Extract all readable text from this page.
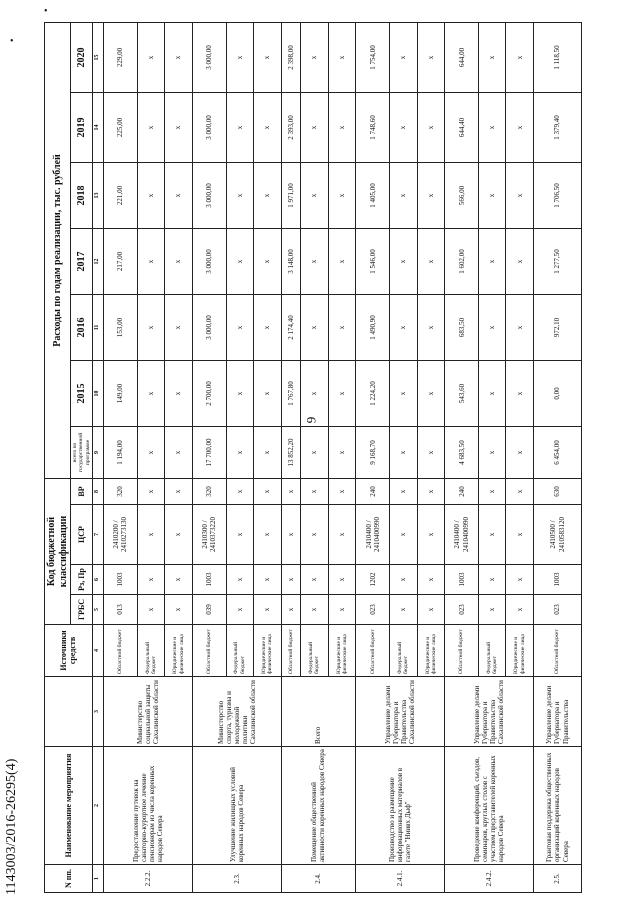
•
•
9
1143003/2016-26295(4)	N пп.	Наименование мероприятия		Источники средств	Код бюджетной классификации				Расходы по годам реализации, тыс. рублей						
				ГРБС	Рз, Пр	ЦСР	ВР	всего по государственной программе	2015	2016	2017	2018	2019	2020
1	2	3	4	5	6	7	8	9	10	11	12	13	14	15
2.2.2.	Предоставление путевок на санаторно-курортное лечение пенсионерам из числа коренных народов Севера	Министерство социальной защиты Сахалинской области	Областной бюджет	013	1003	2410200 / 2410273130	320	1 194,00	149,00	153,00	217,00	221,00	225,00	229,00
			Федеральный бюджет	x	x	x	x	x	x	x	x	x	x	x
			Юридические и физические лица	x	x	x	x	x	x	x	x	x	x	x
2.3.	Улучшение жилищных условий коренных народов Севера	Министерство спорта, туризма и молодежной политики Сахалинской области	Областной бюджет	039	1003	2410300 / 2410373220	320	17 700,00	2 700,00	3 000,00	3 000,00	3 000,00	3 000,00	3 000,00
			Федеральный бюджет	x	x	x	x	x	x	x	x	x	x	x
			Юридические и физические лица	x	x	x	x	x	x	x	x	x	x	x
2.4.	Помещение общественной активности коренных народов Севера	Всего	Областной бюджет	x	x	x	x	13 852,20	1 767,80	2 174,40	3 148,00	1 971,00	2 393,00	2 398,00
			Федеральный бюджет	x	x	x	x	x	x	x	x	x	x	x
			Юридические и физические лица	x	x	x	x	x	x	x	x	x	x	x
2.4.1.	Производство и размещение информационных материалов в газете "Ниивх Дыф"	Управление делами Губернатора и Правительства Сахалинской области	Областной бюджет	023	1202	2410400 / 2410400990	240	9 168,70	1 224,20	1 490,90	1 546,00	1 405,00	1 748,60	1 754,00
			Федеральный бюджет	x	x	x	x	x	x	x	x	x	x	x
			Юридические и физические лица	x	x	x	x	x	x	x	x	x	x	x
2.4.2.	Проведение конференций, съездов, семинаров, круглых столов с участием представителей коренных народов Севера	Управление делами Губернатора и Правительства Сахалинской области	Областной бюджет	023	1003	2410400 / 2410400990	240	4 683,50	543,60	683,50	1 602,00	566,00	644,40	644,00
			Федеральный бюджет	x	x	x	x	x	x	x	x	x	x	x
			Юридические и физические лица	x	x	x	x	x	x	x	x	x	x	x
2.5.	Грантовая поддержка общественных организаций коренных народов Севера	Управление делами Губернатора и Правительства	Областной бюджет	023	1003	2410500 / 2410583120	630	6 454,00	0,00	972,10	1 277,50	1 706,50	1 379,40	1 118,50
